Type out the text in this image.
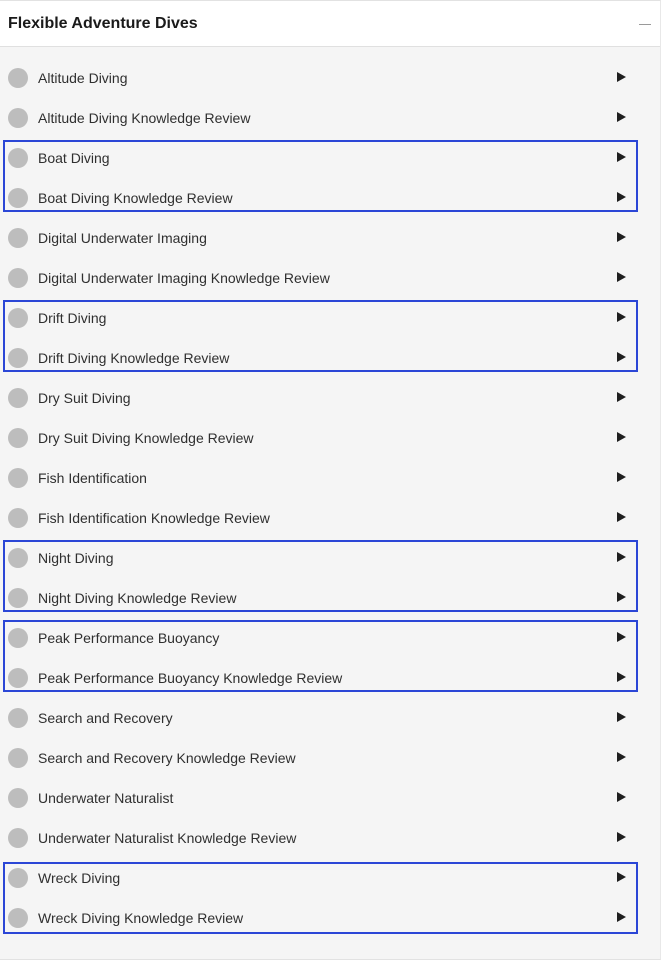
Flexible Adventure Dives
Altitude Diving
Altitude Diving Knowledge Review
Boat Diving
Boat Diving Knowledge Review
Digital Underwater Imaging
Digital Underwater Imaging Knowledge Review
Drift Diving
Drift Diving Knowledge Review
Dry Suit Diving
Dry Suit Diving Knowledge Review
Fish Identification
Fish Identification Knowledge Review
Night Diving
Night Diving Knowledge Review
Peak Performance Buoyancy
Peak Performance Buoyancy Knowledge Review
Search and Recovery
Search and Recovery Knowledge Review
Underwater Naturalist
Underwater Naturalist Knowledge Review
Wreck Diving
Wreck Diving Knowledge Review
